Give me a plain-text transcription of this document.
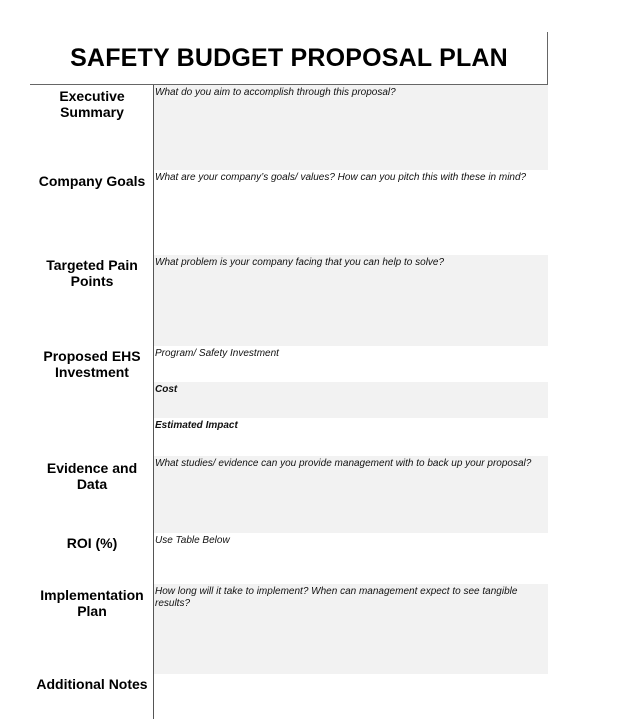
SAFETY BUDGET PROPOSAL PLAN
Executive Summary
What do you aim to accomplish through this proposal?
Company Goals What are your company’s goals/ values? How can you pitch this with these in mind?
Targeted Pain Points
What problem is your company facing that you can help to solve?
Proposed EHS Investment
Program/ Safety Investment
Cost
Estimated Impact
Evidence and Data
What studies/ evidence can you provide management with to back up your proposal?
ROI (%)	Use Table Below
Implementation Plan
How long will it take to implement? When can management expect to see tangible results?
Additional Notes
